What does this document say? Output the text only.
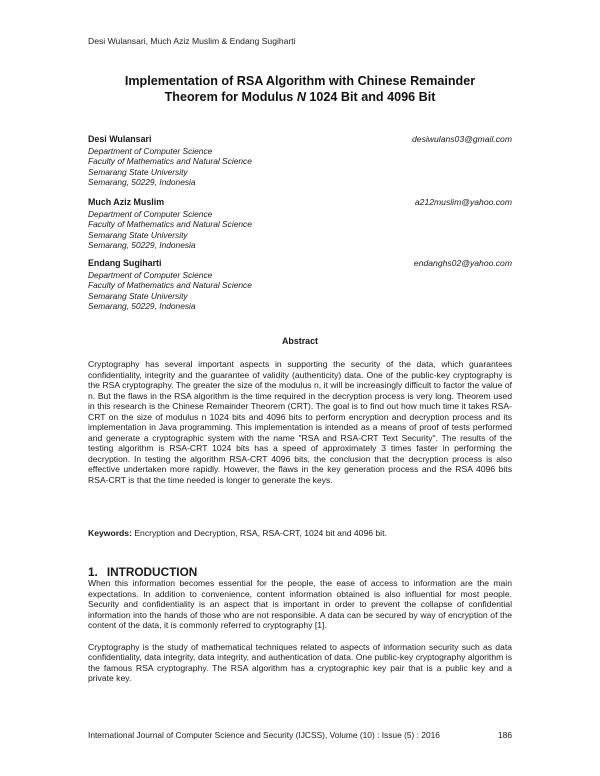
Desi Wulansari, Much Aziz Muslim & Endang Sugiharti
Implementation of RSA Algorithm with Chinese Remainder
Theorem for Modulus N 1024 Bit and 4096 Bit
Desi Wulansari	desiwulans03@gmail.com
Department of Computer Science
Faculty of Mathematics and Natural Science
Semarang State University
Semarang, 50229, Indonesia
Much Aziz Muslim	a212muslim@yahoo.com
Department of Computer Science
Faculty of Mathematics and Natural Science
Semarang State University
Semarang, 50229, Indonesia
Endang Sugiharti	endanghs02@yahoo.com
Department of Computer Science
Faculty of Mathematics and Natural Science
Semarang State University
Semarang, 50229, Indonesia
Abstract

Cryptography has several important aspects in supporting the security of the data, which guarantees confidentiality, integrity and the guarantee of validity (authenticity) data. One of the public-key cryptography is the RSA cryptography. The greater the size of the modulus n, it will be increasingly difficult to factor the value of n. But the flaws in the RSA algorithm is the time required in the decryption process is very long. Theorem used in this research is the Chinese Remainder Theorem (CRT). The goal is to find out how much time it takes RSA-CRT on the size of modulus n 1024 bits and 4096 bits to perform encryption and decryption process and its implementation in Java programming. This implementation is intended as a means of proof of tests performed and generate a cryptographic system with the name "RSA and RSA-CRT Text Security". The results of the testing algorithm is RSA-CRT 1024 bits has a speed of approximately 3 times faster in performing the decryption. In testing the algorithm RSA-CRT 4096 bits, the conclusion that the decryption process is also effective undertaken more rapidly. However, the flaws in the key generation process and the RSA 4096 bits RSA-CRT is that the time needed is longer to generate the keys.

Keywords: Encryption and Decryption, RSA, RSA-CRT, 1024 bit and 4096 bit.
1. INTRODUCTION

When this information becomes essential for the people, the ease of access to information are the main expectations. In addition to convenience, content information obtained is also influential for most people. Security and confidentiality is an aspect that is important in order to prevent the collapse of confidential information into the hands of those who are not responsible. A data can be secured by way of encryption of the content of the data, it is commonly referred to cryptography [1].

Cryptography is the study of mathematical techniques related to aspects of information security such as data confidentiality, data integrity, data integrity, and authentication of data. One public-key cryptography algorithm is the famous RSA cryptography. The RSA algorithm has a cryptographic key pair that is a public key and a private key.

International Journal of Computer Science and Security (IJCSS), Volume (10) : Issue (5) : 2016	186
